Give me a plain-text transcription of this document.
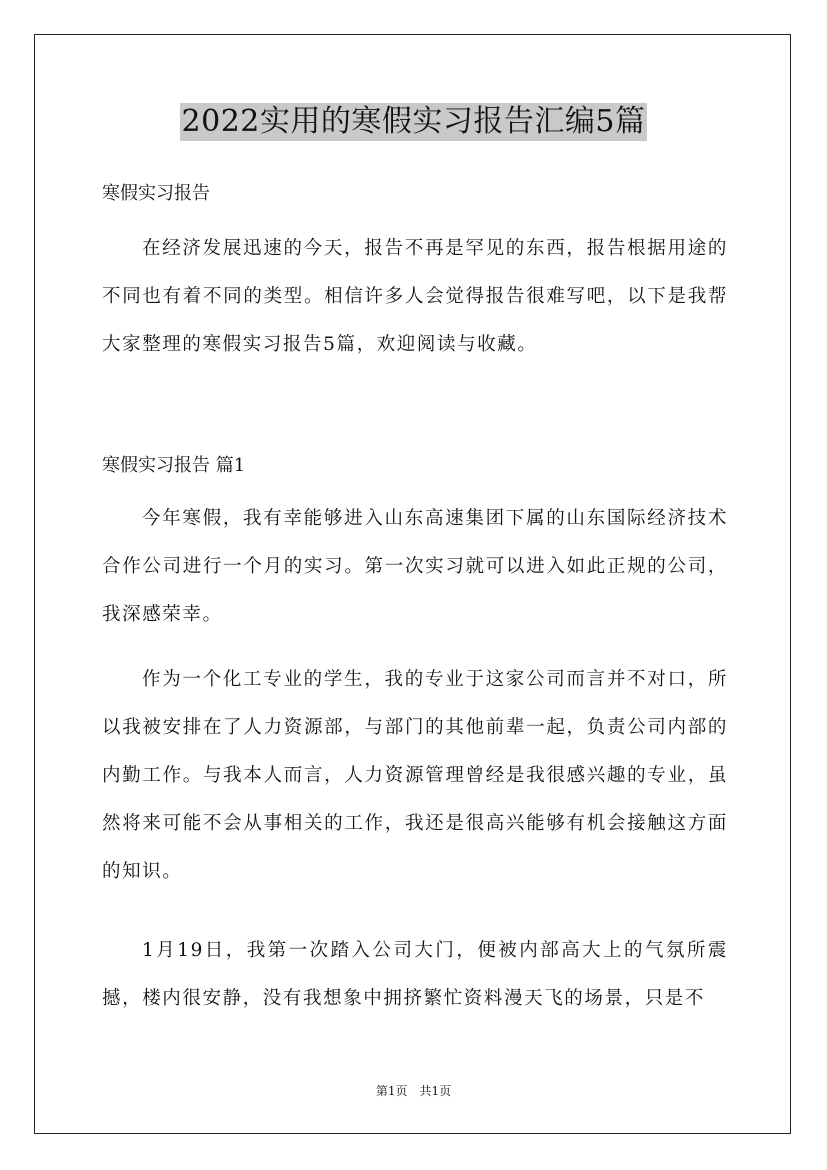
2022实用的寒假实习报告汇编5篇
寒假实习报告

在经济发展迅速的今天，报告不再是罕见的东西，报告根据用途的不同也有着不同的类型。相信许多人会觉得报告很难写吧，以下是我帮大家整理的寒假实习报告5篇，欢迎阅读与收藏。

寒假实习报告 篇1

今年寒假，我有幸能够进入山东高速集团下属的山东国际经济技术合作公司进行一个月的实习。第一次实习就可以进入如此正规的公司，我深感荣幸。

作为一个化工专业的学生，我的专业于这家公司而言并不对口，所以我被安排在了人力资源部，与部门的其他前辈一起，负责公司内部的内勤工作。与我本人而言，人力资源管理曾经是我很感兴趣的专业，虽然将来可能不会从事相关的工作，我还是很高兴能够有机会接触这方面的知识。

1月19日，我第一次踏入公司大门，便被内部高大上的气氛所震撼，楼内很安静，没有我想象中拥挤繁忙资料漫天飞的场景，只是不

第1页　共1页
